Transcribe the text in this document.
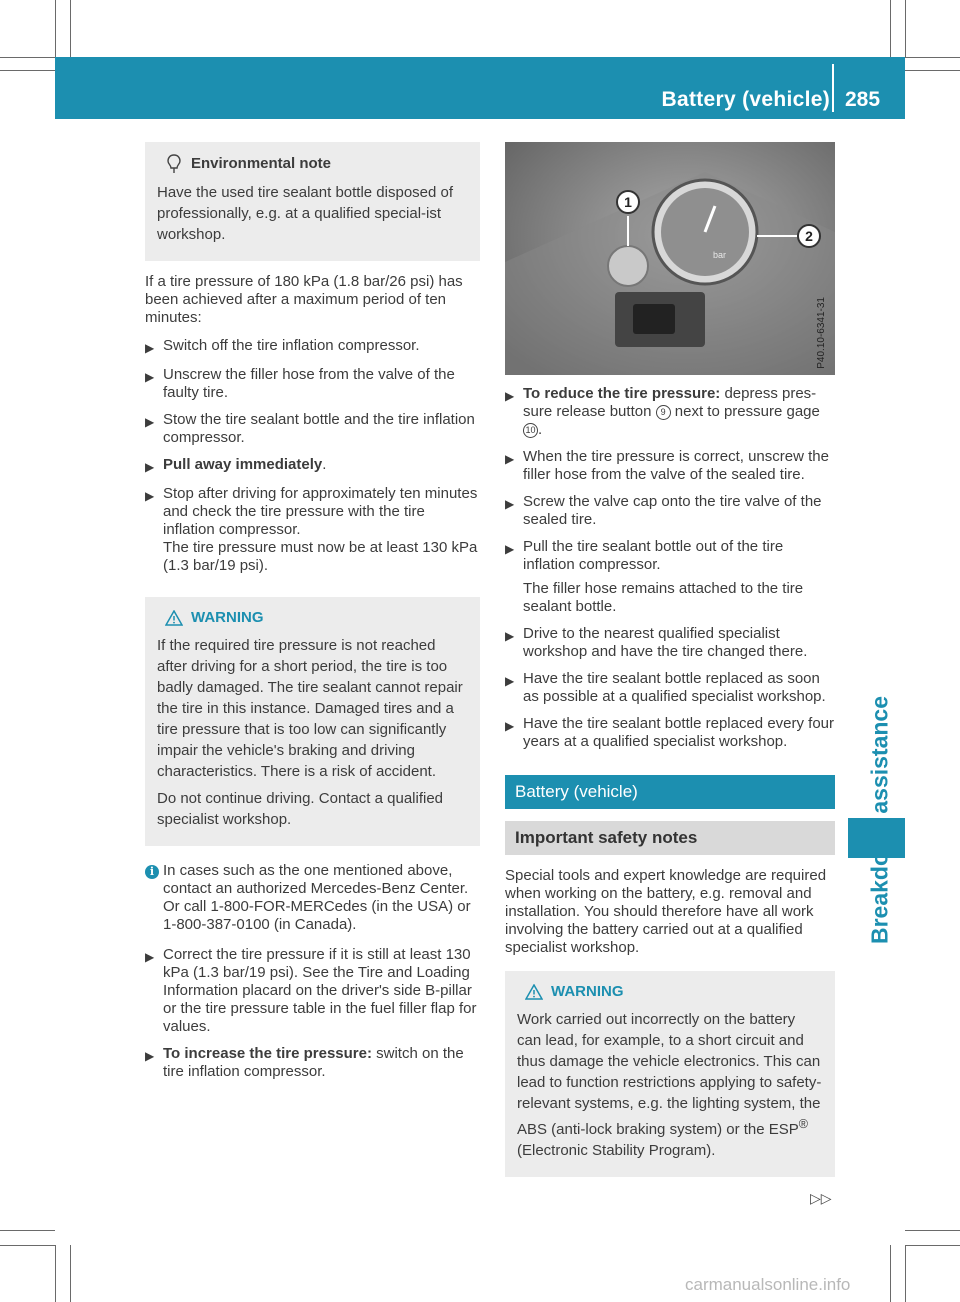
Battery (vehicle) 285
Environmental note

Have the used tire sealant bottle disposed of professionally, e.g. at a qualified special-ist workshop.

If a tire pressure of 180 kPa (1.8 bar/26 psi) has been achieved after a maximum period of ten minutes:

▶ Switch off the tire inflation compressor.
▶ Unscrew the filler hose from the valve of the faulty tire.
▶ Stow the tire sealant bottle and the tire inflation compressor.
▶ Pull away immediately.
▶ Stop after driving for approximately ten minutes and check the tire pressure with the tire inflation compressor.
The tire pressure must now be at least 130 kPa (1.3 bar/19 psi).
WARNING

If the required tire pressure is not reached after driving for a short period, the tire is too badly damaged. The tire sealant cannot repair the tire in this instance. Damaged tires and a tire pressure that is too low can significantly impair the vehicle's braking and driving characteristics. There is a risk of accident.

Do not continue driving. Contact a qualified specialist workshop.

i In cases such as the one mentioned above, contact an authorized Mercedes-Benz Center. Or call 1-800-FOR-MERCedes (in the USA) or 1-800-387-0100 (in Canada).
▶ Correct the tire pressure if it is still at least 130 kPa (1.3 bar/19 psi). See the Tire and Loading Information placard on the driver's side B-pillar or the tire pressure table in the fuel filler flap for values.
▶ To increase the tire pressure: switch on the tire inflation compressor.
bar
1
2
P40.10-6341-31
▶ To reduce the tire pressure: depress pres-sure release button 9 next to pressure gage 10 .
▶ When the tire pressure is correct, unscrew the filler hose from the valve of the sealed tire.
▶ Screw the valve cap onto the tire valve of the sealed tire.
▶ Pull the tire sealant bottle out of the tire inflation compressor.
The filler hose remains attached to the tire sealant bottle.
▶ Drive to the nearest qualified specialist workshop and have the tire changed there.
▶ Have the tire sealant bottle replaced as soon as possible at a qualified specialist workshop.
▶ Have the tire sealant bottle replaced every four years at a qualified specialist workshop.
Battery (vehicle)
Important safety notes

Special tools and expert knowledge are required when working on the battery, e.g. removal and installation. You should therefore have all work involving the battery carried out at a qualified specialist workshop.

WARNING

Work carried out incorrectly on the battery can lead, for example, to a short circuit and thus damage the vehicle electronics. This can lead to function restrictions applying to safety-relevant systems, e.g. the lighting system, the ABS (anti-lock braking system) or the ESP® (Electronic Stability Program).

▷▷
carmanualsonline.info
